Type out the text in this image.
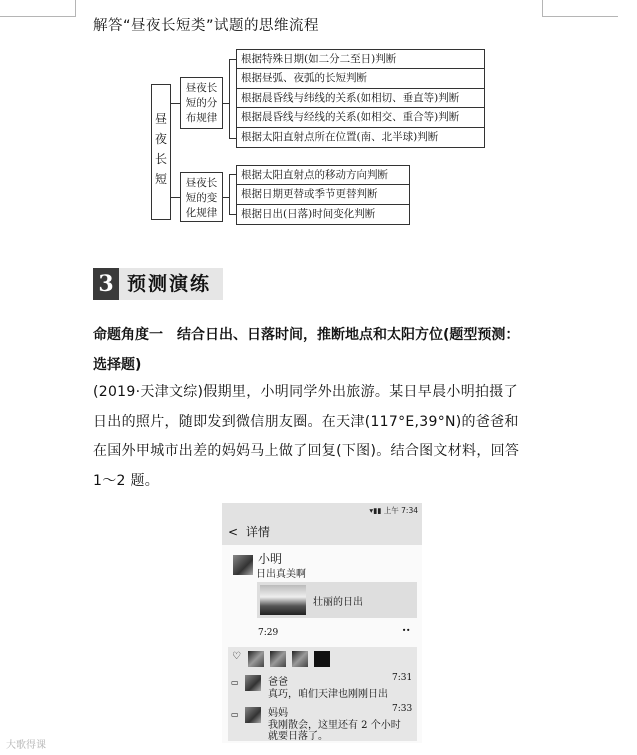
解答“昼夜长短类”试题的思维流程
昼夜长短
昼夜长短的分布规律
根据特殊日期(如二分二至日)判断
根据昼弧、夜弧的长短判断
根据晨昏线与纬线的关系(如相切、垂直等)判断
根据晨昏线与经线的关系(如相交、重合等)判断
根据太阳直射点所在位置(南、北半球)判断
昼夜长短的变化规律
根据太阳直射点的移动方向判断
根据日期更替或季节更替判断
根据日出(日落)时间变化判断
3 预测演练
命题角度一　结合日出、日落时间，推断地点和太阳方位(题型预测：
选择题)
(2019·天津文综)假期里，小明同学外出旅游。某日早晨小明拍摄了
日出的照片，随即发到微信朋友圈。在天津(117°E,39°N)的爸爸和
在国外甲城市出差的妈妈马上做了回复(下图)。结合图文材料，回答
1～2 题。
▾▮▮ 上午 7:34
< 详情
小明
日出真美啊
壮丽的日出
7:29	··
♡
▭	爸爸	7:31
真巧，咱们天津也刚刚日出
▭	妈妈	7:33
我刚散会，这里还有 2 个小时
就要日落了。
大歌得课
